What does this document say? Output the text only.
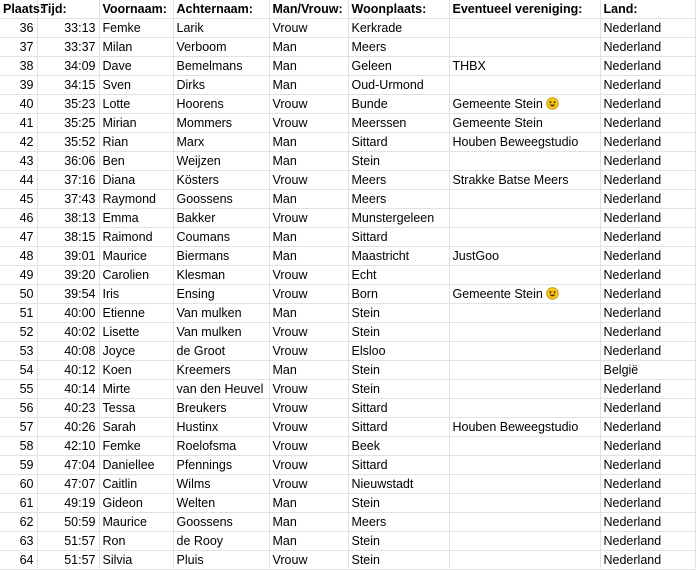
Plaats:	Tijd:	Voornaam:	Achternaam:	Man/Vrouw:	Woonplaats:	Eventueel vereniging:	Land:
36	33:13	Femke	Larik	Vrouw	Kerkrade		Nederland
37	33:37	Milan	Verboom	Man	Meers		Nederland
38	34:09	Dave	Bemelmans	Man	Geleen	THBX	Nederland
39	34:15	Sven	Dirks	Man	Oud-Urmond		Nederland
40	35:23	Lotte	Hoorens	Vrouw	Bunde	Gemeente Stein	Nederland
41	35:25	Mirian	Mommers	Vrouw	Meerssen	Gemeente Stein	Nederland
42	35:52	Rian	Marx	Man	Sittard	Houben Beweegstudio	Nederland
43	36:06	Ben	Weijzen	Man	Stein		Nederland
44	37:16	Diana	Kösters	Vrouw	Meers	Strakke Batse Meers	Nederland
45	37:43	Raymond	Goossens	Man	Meers		Nederland
46	38:13	Emma	Bakker	Vrouw	Munstergeleen		Nederland
47	38:15	Raimond	Coumans	Man	Sittard		Nederland
48	39:01	Maurice	Biermans	Man	Maastricht	JustGoo	Nederland
49	39:20	Carolien	Klesman	Vrouw	Echt		Nederland
50	39:54	Iris	Ensing	Vrouw	Born	Gemeente Stein	Nederland
51	40:00	Etienne	Van mulken	Man	Stein		Nederland
52	40:02	Lisette	Van mulken	Vrouw	Stein		Nederland
53	40:08	Joyce	de Groot	Vrouw	Elsloo		Nederland
54	40:12	Koen	Kreemers	Man	Stein		België
55	40:14	Mirte	van den Heuvel	Vrouw	Stein		Nederland
56	40:23	Tessa	Breukers	Vrouw	Sittard		Nederland
57	40:26	Sarah	Hustinx	Vrouw	Sittard	Houben Beweegstudio	Nederland
58	42:10	Femke	Roelofsma	Vrouw	Beek		Nederland
59	47:04	Daniellee	Pfennings	Vrouw	Sittard		Nederland
60	47:07	Caitlin	Wilms	Vrouw	Nieuwstadt		Nederland
61	49:19	Gideon	Welten	Man	Stein		Nederland
62	50:59	Maurice	Goossens	Man	Meers		Nederland
63	51:57	Ron	de Rooy	Man	Stein		Nederland
64	51:57	Silvia	Pluis	Vrouw	Stein		Nederland
